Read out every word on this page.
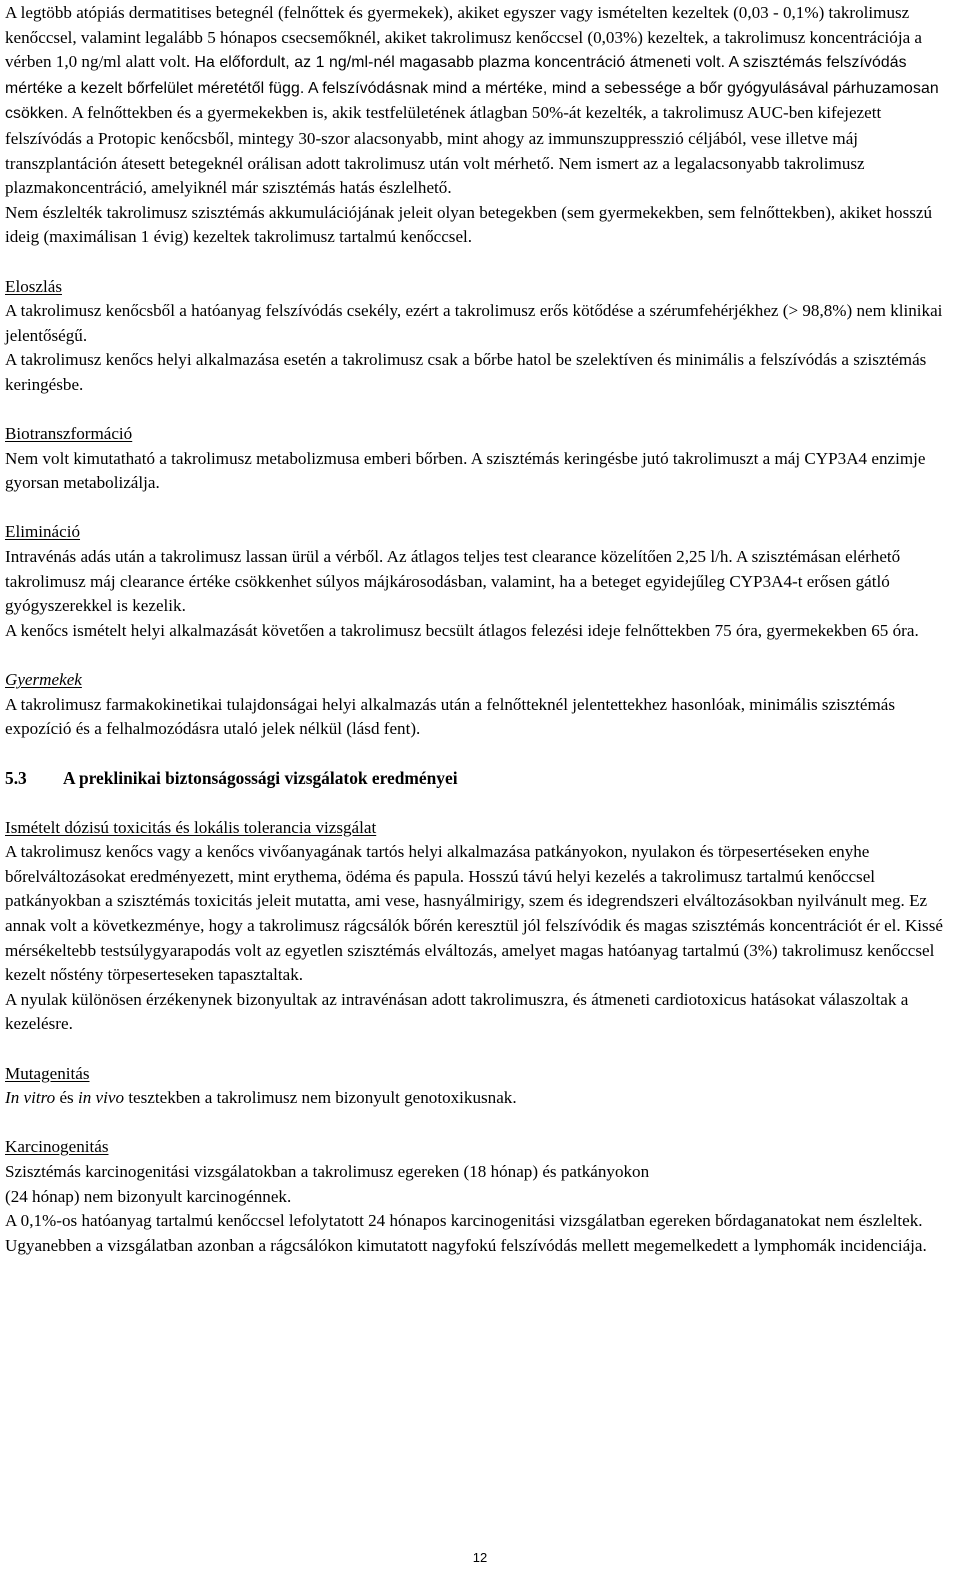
A legtöbb atópiás dermatitises betegnél (felnőttek és gyermekek), akiket egyszer vagy ismételten kezeltek (0,03 - 0,1%) takrolimusz kenőccsel, valamint legalább 5 hónapos csecsemőknél, akiket takrolimusz kenőccsel (0,03%) kezeltek, a takrolimusz koncentrációja a vérben 1,0 ng/ml alatt volt. Ha előfordult, az 1 ng/ml-nél magasabb plazma koncentráció átmeneti volt. A szisztémás felszívódás mértéke a kezelt bőrfelület méretétől függ. A felszívódásnak mind a mértéke, mind a sebessége a bőr gyógyulásával párhuzamosan csökken. A felnőttekben és a gyermekekben is, akik testfelületének átlagban 50%-át kezelték, a takrolimusz AUC-ben kifejezett felszívódás a Protopic kenőcsből, mintegy 30-szor alacsonyabb, mint ahogy az immunszuppresszió céljából, vese illetve máj transzplantáción átesett betegeknél orálisan adott takrolimusz után volt mérhető. Nem ismert az a legalacsonyabb takrolimusz plazmakoncentráció, amelyiknél már szisztémás hatás észlelhető.

Nem észlelték takrolimusz szisztémás akkumulációjának jeleit olyan betegekben (sem gyermekekben, sem felnőttekben), akiket hosszú ideig (maximálisan 1 évig) kezeltek takrolimusz tartalmú kenőccsel.

Eloszlás

A takrolimusz kenőcsből a hatóanyag felszívódás csekély, ezért a takrolimusz erős kötődése a szérumfehérjékhez (> 98,8%) nem klinikai jelentőségű.

A takrolimusz kenőcs helyi alkalmazása esetén a takrolimusz csak a bőrbe hatol be szelektíven és minimális a felszívódás a szisztémás keringésbe.

Biotranszformáció

Nem volt kimutatható a takrolimusz metabolizmusa emberi bőrben. A szisztémás keringésbe jutó takrolimuszt a máj CYP3A4 enzimje gyorsan metabolizálja.

Elimináció

Intravénás adás után a takrolimusz lassan ürül a vérből. Az átlagos teljes test clearance közelítően 2,25 l/h. A szisztémásan elérhető takrolimusz máj clearance értéke csökkenhet súlyos májkárosodásban, valamint, ha a beteget egyidejűleg CYP3A4-t erősen gátló gyógyszerekkel is kezelik.

A kenőcs ismételt helyi alkalmazását követően a takrolimusz becsült átlagos felezési ideje felnőttekben 75 óra, gyermekekben 65 óra.

Gyermekek

A takrolimusz farmakokinetikai tulajdonságai helyi alkalmazás után a felnőtteknél jelentettekhez hasonlóak, minimális szisztémás expozíció és a felhalmozódásra utaló jelek nélkül (lásd fent).

5.3 A preklinikai biztonságossági vizsgálatok eredményei

Ismételt dózisú toxicitás és lokális tolerancia vizsgálat

A takrolimusz kenőcs vagy a kenőcs vivőanyagának tartós helyi alkalmazása patkányokon, nyulakon és törpesertéseken enyhe bőrelváltozásokat eredményezett, mint erythema, ödéma és papula. Hosszú távú helyi kezelés a takrolimusz tartalmú kenőccsel patkányokban a szisztémás toxicitás jeleit mutatta, ami vese, hasnyálmirigy, szem és idegrendszeri elváltozásokban nyilvánult meg. Ez annak volt a következménye, hogy a takrolimusz rágcsálók bőrén keresztül jól felszívódik és magas szisztémás koncentrációt ér el. Kissé mérsékeltebb testsúlygyarapodás volt az egyetlen szisztémás elváltozás, amelyet magas hatóanyag tartalmú (3%) takrolimusz kenőccsel kezelt nőstény törpeserteseken tapasztaltak.

A nyulak különösen érzékenynek bizonyultak az intravénásan adott takrolimuszra, és átmeneti cardiotoxicus hatásokat válaszoltak a kezelésre.

Mutagenitás

In vitro és in vivo tesztekben a takrolimusz nem bizonyult genotoxikusnak.

Karcinogenitás

Szisztémás karcinogenitási vizsgálatokban a takrolimusz egereken (18 hónap) és patkányokon
(24 hónap) nem bizonyult karcinogénnek.

A 0,1%-os hatóanyag tartalmú kenőccsel lefolytatott 24 hónapos karcinogenitási vizsgálatban egereken bőrdaganatokat nem észleltek. Ugyanebben a vizsgálatban azonban a rágcsálókon kimutatott nagyfokú felszívódás mellett megemelkedett a lymphomák incidenciája.

12
